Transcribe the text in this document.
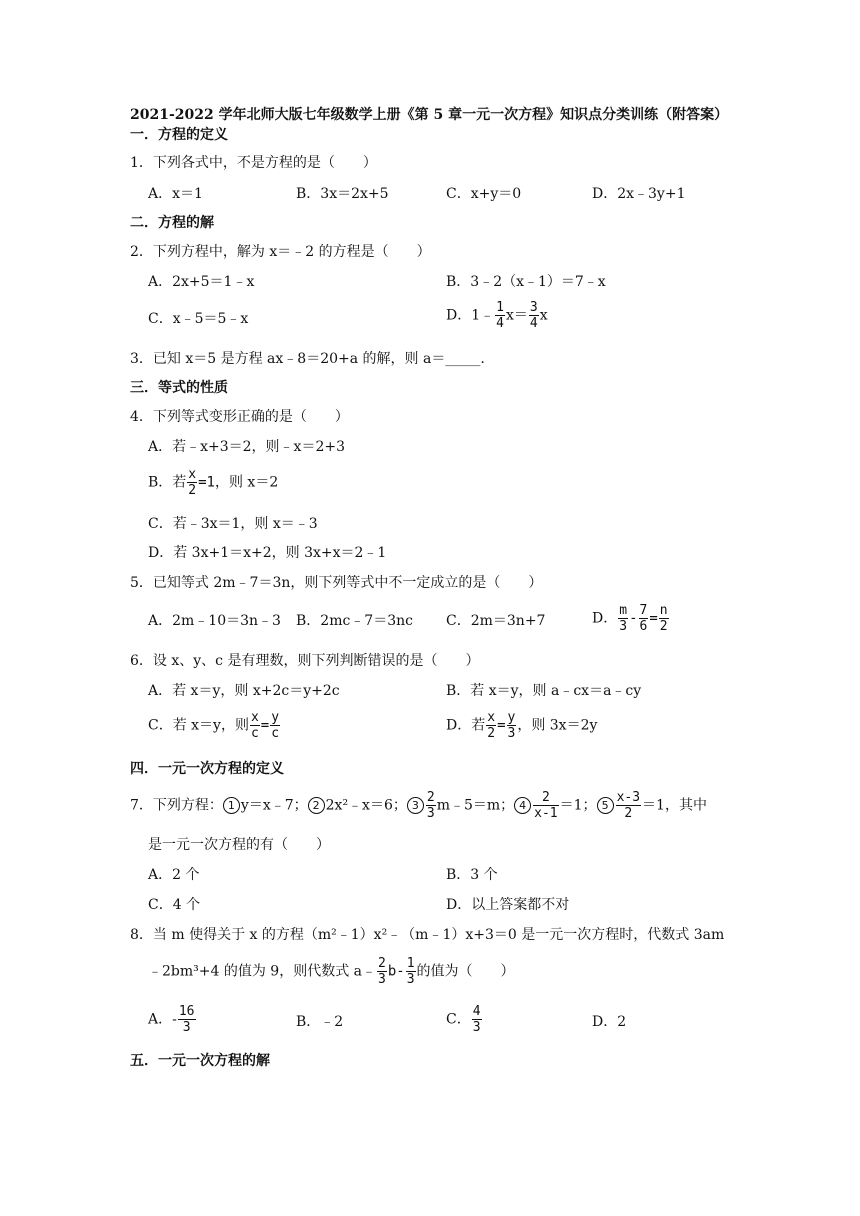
2021-2022 学年北师大版七年级数学上册《第 5 章一元一次方程》知识点分类训练（附答案）
一．方程的定义
1．下列各式中，不是方程的是（　　）
A．x＝1	B．3x＝2x+5	C．x+y＝0	D．2x﹣3y+1
二．方程的解
2．下列方程中，解为 x＝﹣2 的方程是（　　）
A．2x+5＝1﹣x	B．3﹣2（x﹣1）＝7﹣x
C．x﹣5＝5﹣x	D．1﹣ $\frac{1}{4} x= \frac{3}{4}$ x
3．已知 x＝5 是方程 ax﹣8＝20+a 的解，则 a＝_____.
三．等式的性质
4．下列等式变形正确的是（　　）
A．若﹣x+3＝2，则﹣x＝2+3
B．若 $\frac{x}{2} =1$，则 x＝2
C．若﹣3x＝1，则 x＝﹣3
D．若 3x+1＝x+2，则 3x+x＝2﹣1
5．已知等式 2m﹣7＝3n，则下列等式中不一定成立的是（　　）
A．2m﹣10＝3n﹣3 B．2mc﹣7＝3nc C．2m＝3n+7	D． $\frac{m}{3} - \frac{7}{6} = \frac{n}{2}$
6．设 x、y、c 是有理数，则下列判断错误的是（　　）
A．若 x＝y，则 x+2c＝y+2c	B．若 x＝y，则 a﹣cx＝a﹣cy
C．若 x＝y，则 $\frac{x}{c} = \frac{y}{c}$	D．若 $\frac{x}{2} = \frac{y}{3}$ ，则 3x＝2y
四．一元一次方程的定义
7．下列方程： 1 y＝x﹣7； 2 2x²﹣x＝6； $3 \frac{2}{3}$ m﹣5＝m； $4 \frac{2}{x-1} =1$； $5 \frac{x-3}{2} =1$，其中
是一元一次方程的有（　　）
A．2 个	B．3 个
C．4 个	D．以上答案都不对
8．当 m 使得关于 x 的方程（m²﹣1）x²﹣（m﹣1）x+3＝0 是一元一次方程时，代数式 3am
﹣2bm³+4 的值为 9，则代数式 a﹣ $\frac{2}{3} b- \frac{1}{3}$ 的值为（　　）
A．- $\frac{16}{3}$	B．﹣2	C． $\frac{4}{3}$	D．2
五．一元一次方程的解
